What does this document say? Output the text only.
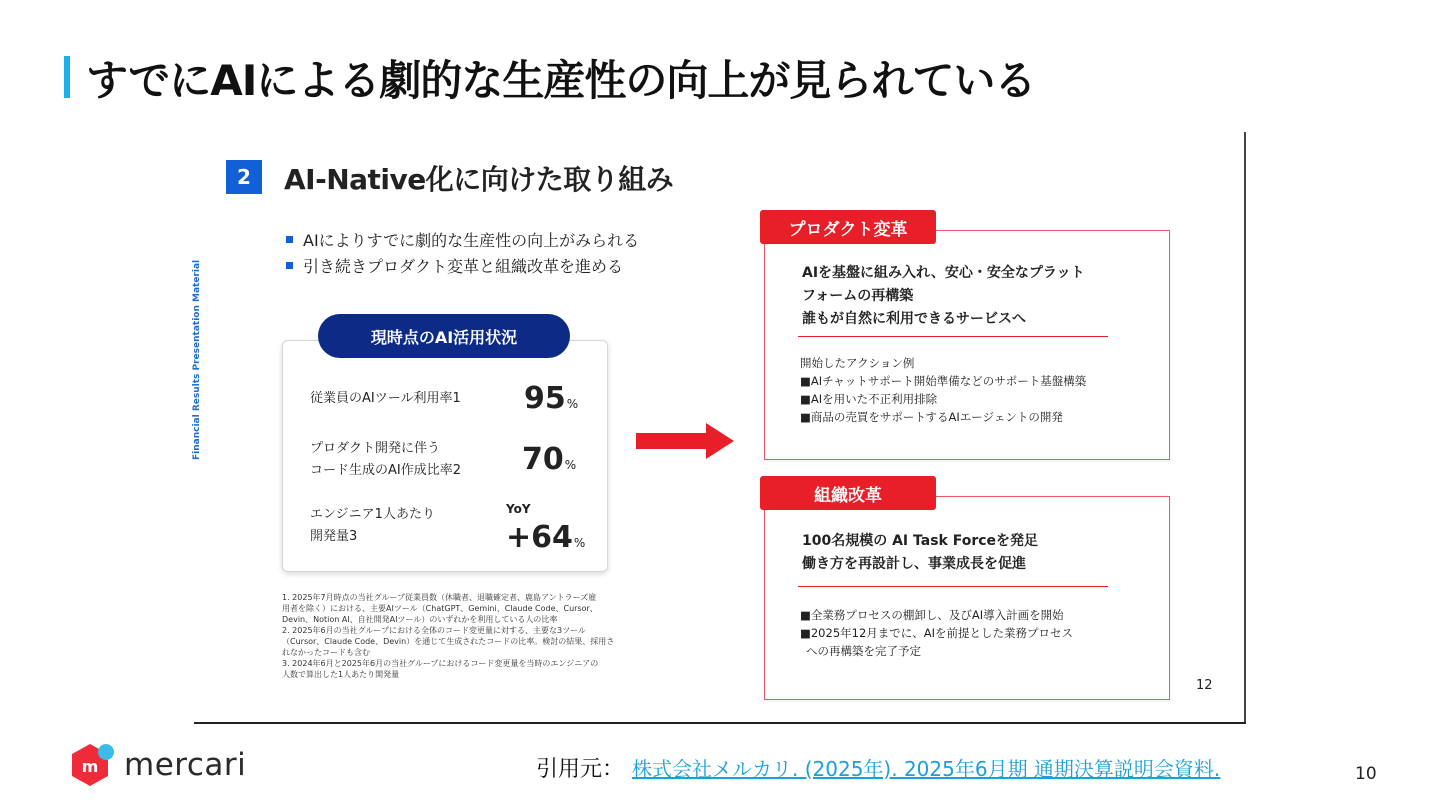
すでにAIによる劇的な生産性の向上が見られている
2	AI-Native化に向けた取り組み
AIによりすでに劇的な生産性の向上がみられる
引き続きプロダクト変革と組織改革を進める
Financial Results Presentation Material	現時点のAI活用状況
従業員のAIツール利用率1 95%
プロダクト開発に伴う
コード生成のAI作成比率2 70%
YoY
エンジニア1人あたり
開発量3	+64%
1. 2025年7月時点の当社グループ従業員数（休職者、退職確定者、鹿島アントラーズ雇
用者を除く）における、主要AIツール（ChatGPT、Gemini、Claude Code、Cursor、
Devin、Notion AI、自社開発AIツール）のいずれかを利用している人の比率
2. 2025年6月の当社グループにおける全体のコード変更量に対する、主要な3ツール
（Cursor、Claude Code、Devin）を通じて生成されたコードの比率。検討の結果、採用さ
れなかったコードも含む
3. 2024年6月と2025年6月の当社グループにおけるコード変更量を当時のエンジニアの
人数で算出した1人あたり開発量
プロダクト変革
AIを基盤に組み入れ、安心・安全なプラット
フォームの再構築
誰もが自然に利用できるサービスへ
開始したアクション例
■AIチャットサポート開始準備などのサポート基盤構築
■AIを用いた不正利用排除
■商品の売買をサポートするAIエージェントの開発
組織改革
100名規模の AI Task Forceを発足
働き方を再設計し、事業成長を促進
■全業務プロセスの棚卸し、及びAI導入計画を開始
■2025年12月までに、AIを前提とした業務プロセス
への再構築を完了予定
12
m mercari	引用元： 株式会社メルカリ. (2025年). 2025年6月期 通期決算説明会資料.	10
